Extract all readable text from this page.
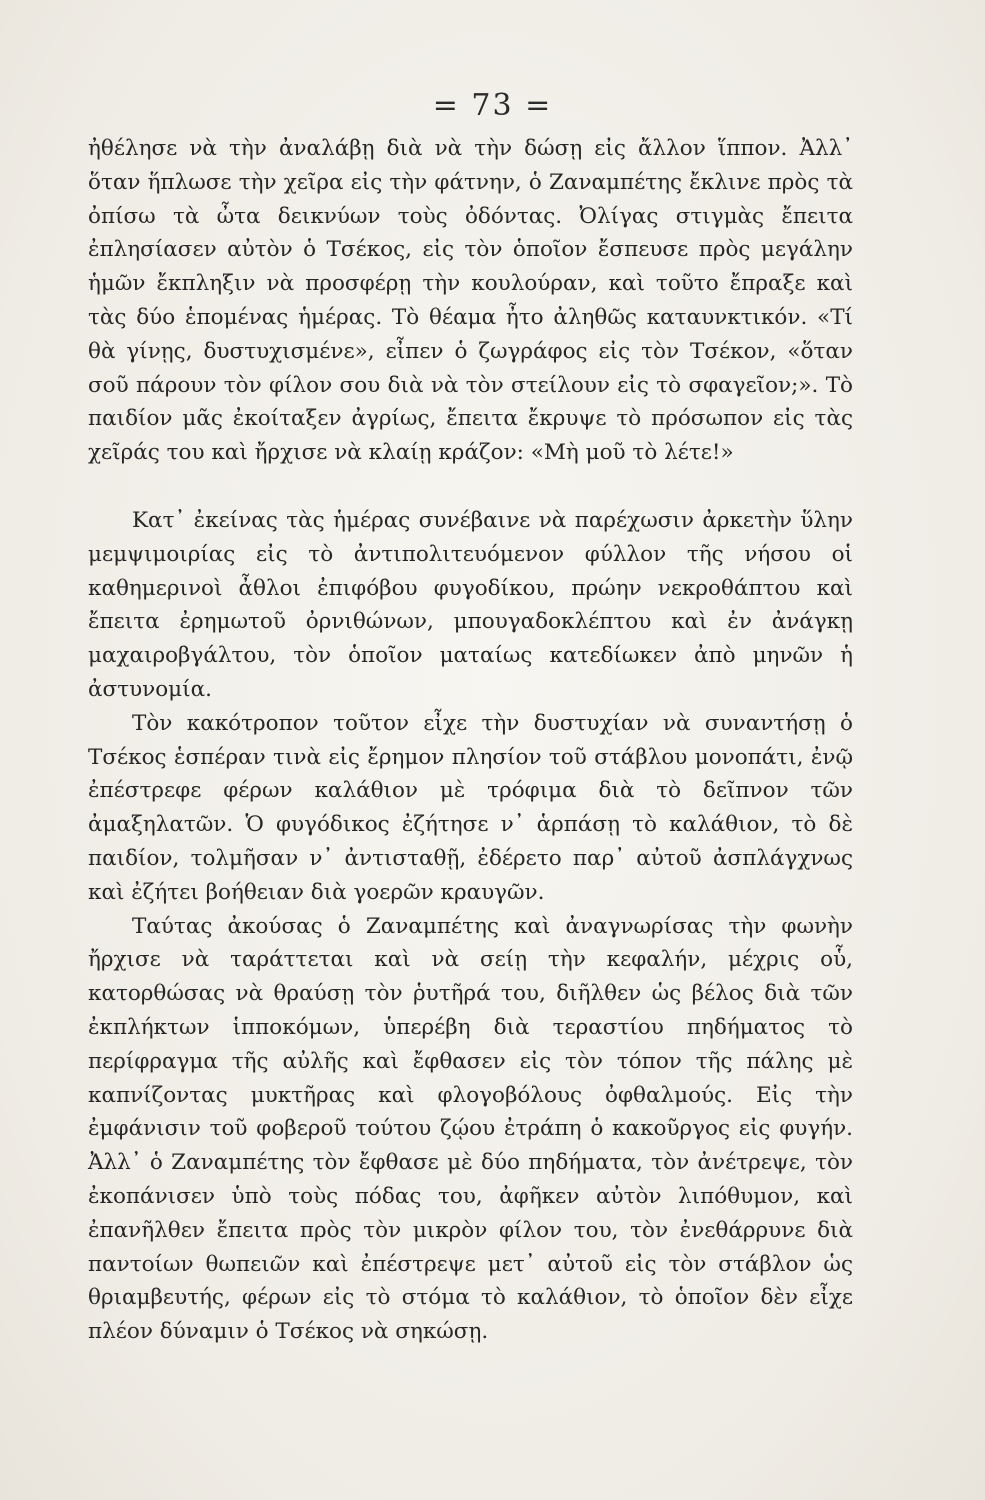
= 73 =

ἠθέλησε νὰ τὴν ἀναλάβῃ διὰ νὰ τὴν δώσῃ εἰς ἄλλον ἵππον. Ἀλλ᾽ ὅταν ἥπλωσε τὴν χεῖρα εἰς τὴν φάτνην, ὁ Ζαναμπέτης ἔκλινε πρὸς τὰ ὀπίσω τὰ ὦτα δεικνύων τοὺς ὀδόντας. Ὀλίγας στιγμὰς ἔπειτα ἐπλησίασεν αὐτὸν ὁ Τσέκος, εἰς τὸν ὁποῖον ἔσπευσε πρὸς μεγάλην ἡμῶν ἔκπληξιν νὰ προσφέρῃ τὴν κουλούραν, καὶ τοῦτο ἔπραξε καὶ τὰς δύο ἑπομένας ἡμέρας. Τὸ θέαμα ἦτο ἀληθῶς καταυνκτικόν. «Τί θὰ γίνῃς, δυστυχισμένε», εἶπεν ὁ ζωγράφος εἰς τὸν Τσέκον, «ὅταν σοῦ πάρουν τὸν φίλον σου διὰ νὰ τὸν στείλουν εἰς τὸ σφαγεῖον;». Τὸ παιδίον μᾶς ἐκοίταξεν ἀγρίως, ἔπειτα ἔκρυψε τὸ πρόσωπον εἰς τὰς χεῖράς του καὶ ἤρχισε νὰ κλαίῃ κράζον: «Μὴ μοῦ τὸ λέτε!»

Κατ᾽ ἐκείνας τὰς ἡμέρας συνέβαινε νὰ παρέχωσιν ἀρκετὴν ὕλην μεμψιμοιρίας εἰς τὸ ἀντιπολιτευόμενον φύλλον τῆς νήσου οἱ καθημερινοὶ ἆθλοι ἐπιφόβου φυγοδίκου, πρώην νεκροθάπτου καὶ ἔπειτα ἐρημωτοῦ ὀρνιθώνων, μπουγαδοκλέπτου καὶ ἐν ἀνάγκῃ μαχαιροβγάλτου, τὸν ὁποῖον ματαίως κατεδίωκεν ἀπὸ μηνῶν ἡ ἀστυνομία.

Τὸν κακότροπον τοῦτον εἶχε τὴν δυστυχίαν νὰ συναντήσῃ ὁ Τσέκος ἑσπέραν τινὰ εἰς ἔρημον πλησίον τοῦ στάβλου μονοπάτι, ἐνῷ ἐπέστρεφε φέρων καλάθιον μὲ τρόφιμα διὰ τὸ δεῖπνον τῶν ἀμαξηλατῶν. Ὁ φυγόδικος ἐζήτησε ν᾽ ἁρπάσῃ τὸ καλάθιον, τὸ δὲ παιδίον, τολμῆσαν ν᾽ ἀντισταθῇ, ἐδέρετο παρ᾽ αὐτοῦ ἀσπλάγχνως καὶ ἐζήτει βοήθειαν διὰ γοερῶν κραυγῶν.

Ταύτας ἀκούσας ὁ Ζαναμπέτης καὶ ἀναγνωρίσας τὴν φωνὴν ἤρχισε νὰ ταράττεται καὶ νὰ σείῃ τὴν κεφαλήν, μέχρις οὗ, κατορθώσας νὰ θραύσῃ τὸν ῥυτῆρά του, διῆλθεν ὡς βέλος διὰ τῶν ἐκπλήκτων ἱπποκόμων, ὑπερέβη διὰ τεραστίου πηδήματος τὸ περίφραγμα τῆς αὐλῆς καὶ ἔφθασεν εἰς τὸν τόπον τῆς πάλης μὲ καπνίζοντας μυκτῆρας καὶ φλογοβόλους ὀφθαλμούς. Εἰς τὴν ἐμφάνισιν τοῦ φοβεροῦ τούτου ζῴου ἐτράπη ὁ κακοῦργος εἰς φυγήν. Ἀλλ᾽ ὁ Ζαναμπέτης τὸν ἔφθασε μὲ δύο πηδήματα, τὸν ἀνέτρεψε, τὸν ἐκοπάνισεν ὑπὸ τοὺς πόδας του, ἀφῆκεν αὐτὸν λιπόθυμον, καὶ ἐπανῆλθεν ἔπειτα πρὸς τὸν μικρὸν φίλον του, τὸν ἐνεθάρρυνε διὰ παντοίων θωπειῶν καὶ ἐπέστρεψε μετ᾽ αὐτοῦ εἰς τὸν στάβλον ὡς θριαμβευτής, φέρων εἰς τὸ στόμα τὸ καλάθιον, τὸ ὁποῖον δὲν εἶχε πλέον δύναμιν ὁ Τσέκος νὰ σηκώσῃ.
